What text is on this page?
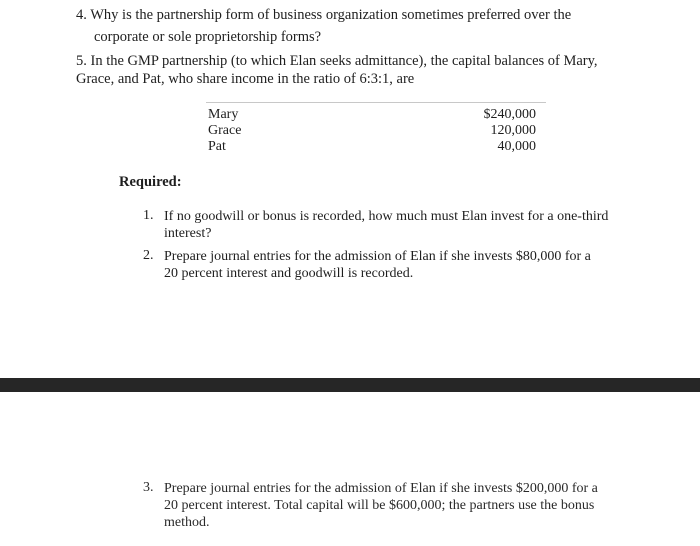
4. Why is the partnership form of business organization sometimes preferred over the
corporate or sole proprietorship forms?
5. In the GMP partnership (to which Elan seeks admittance), the capital balances of Mary,
Grace, and Pat, who share income in the ratio of 6:3:1, are
Mary	$240,000
Grace	120,000
Pat	40,000
Required:
1. If no goodwill or bonus is recorded, how much must Elan invest for a one-third
interest?
2. Prepare journal entries for the admission of Elan if she invests $80,000 for a
20 percent interest and goodwill is recorded.
3. Prepare journal entries for the admission of Elan if she invests $200,000 for a
20 percent interest. Total capital will be $600,000; the partners use the bonus
method.
